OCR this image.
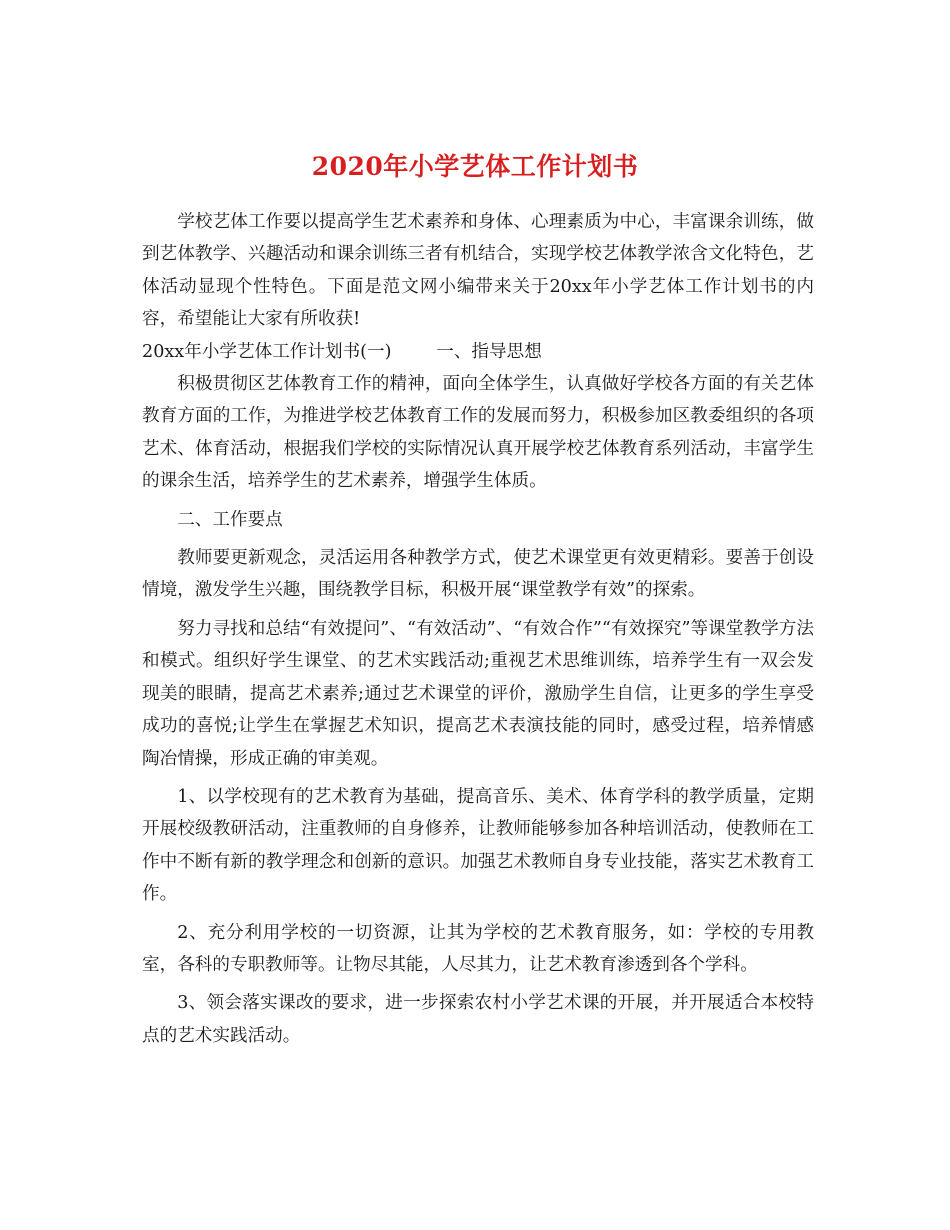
2020年小学艺体工作计划书

学校艺体工作要以提高学生艺术素养和身体、心理素质为中心，丰富课余训练，做到艺体教学、兴趣活动和课余训练三者有机结合，实现学校艺体教学浓含文化特色，艺体活动显现个性特色。下面是范文网小编带来关于20xx年小学艺体工作计划书的内容，希望能让大家有所收获!

20xx年小学艺体工作计划书(一)        一、指导思想

积极贯彻区艺体教育工作的精神，面向全体学生，认真做好学校各方面的有关艺体教育方面的工作，为推进学校艺体教育工作的发展而努力，积极参加区教委组织的各项艺术、体育活动，根据我们学校的实际情况认真开展学校艺体教育系列活动，丰富学生的课余生活，培养学生的艺术素养，增强学生体质。

二、工作要点

教师要更新观念，灵活运用各种教学方式，使艺术课堂更有效更精彩。要善于创设情境，激发学生兴趣，围绕教学目标，积极开展“课堂教学有效”的探索。

努力寻找和总结“有效提问”、“有效活动”、“有效合作”“有效探究”等课堂教学方法和模式。组织好学生课堂、的艺术实践活动;重视艺术思维训练，培养学生有一双会发现美的眼睛，提高艺术素养;通过艺术课堂的评价，激励学生自信，让更多的学生享受成功的喜悦;让学生在掌握艺术知识，提高艺术表演技能的同时，感受过程，培养情感陶冶情操，形成正确的审美观。

1、以学校现有的艺术教育为基础，提高音乐、美术、体育学科的教学质量，定期开展校级教研活动，注重教师的自身修养，让教师能够参加各种培训活动，使教师在工作中不断有新的教学理念和创新的意识。加强艺术教师自身专业技能，落实艺术教育工作。

2、充分利用学校的一切资源，让其为学校的艺术教育服务，如：学校的专用教室，各科的专职教师等。让物尽其能，人尽其力，让艺术教育渗透到各个学科。

3、领会落实课改的要求，进一步探索农村小学艺术课的开展，并开展适合本校特点的艺术实践活动。
